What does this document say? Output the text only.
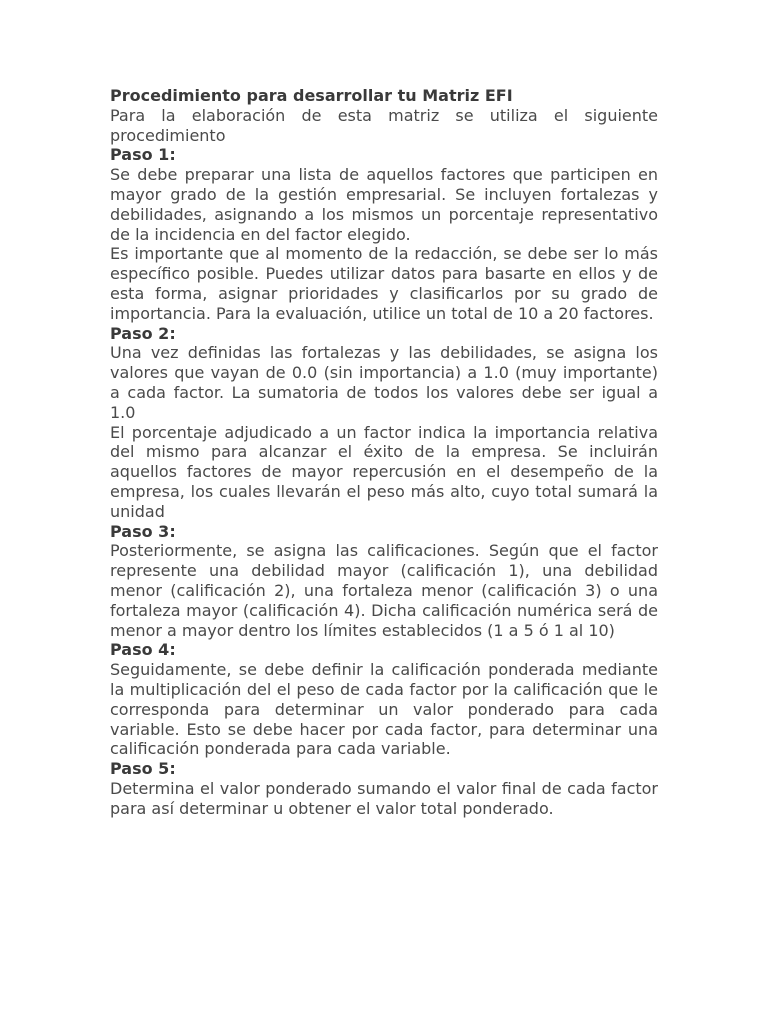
Procedimiento para desarrollar tu Matriz EFI

Para la elaboración de esta matriz se utiliza el siguiente procedimiento

Paso 1:

Se debe preparar una lista de aquellos factores que participen en mayor grado de la gestión empresarial. Se incluyen fortalezas y debilidades, asignando a los mismos un porcentaje representativo de la incidencia en del factor elegido.

Es importante que al momento de la redacción, se debe ser lo más específico posible. Puedes utilizar datos para basarte en ellos y de esta forma, asignar prioridades y clasificarlos por su grado de importancia. Para la evaluación, utilice un total de 10 a 20 factores.

Paso 2:

Una vez definidas las fortalezas y las debilidades, se asigna los valores que vayan de 0.0 (sin importancia) a 1.0 (muy importante) a cada factor. La sumatoria de todos los valores debe ser igual a 1.0

El porcentaje adjudicado a un factor indica la importancia relativa del mismo para alcanzar el éxito de la empresa. Se incluirán aquellos factores de mayor repercusión en el desempeño de la empresa, los cuales llevarán el peso más alto, cuyo total sumará la unidad

Paso 3:

Posteriormente, se asigna las calificaciones. Según que el factor represente una debilidad mayor (calificación 1), una debilidad menor (calificación 2), una fortaleza menor (calificación 3) o una fortaleza mayor (calificación 4). Dicha calificación numérica será de menor a mayor dentro los límites establecidos (1 a 5 ó 1 al 10)

Paso 4:

Seguidamente, se debe definir la calificación ponderada mediante la multiplicación del el peso de cada factor por la calificación que le corresponda para determinar un valor ponderado para cada variable. Esto se debe hacer por cada factor, para determinar una calificación ponderada para cada variable.

Paso 5:

Determina el valor ponderado sumando el valor final de cada factor para así determinar u obtener el valor total ponderado.
